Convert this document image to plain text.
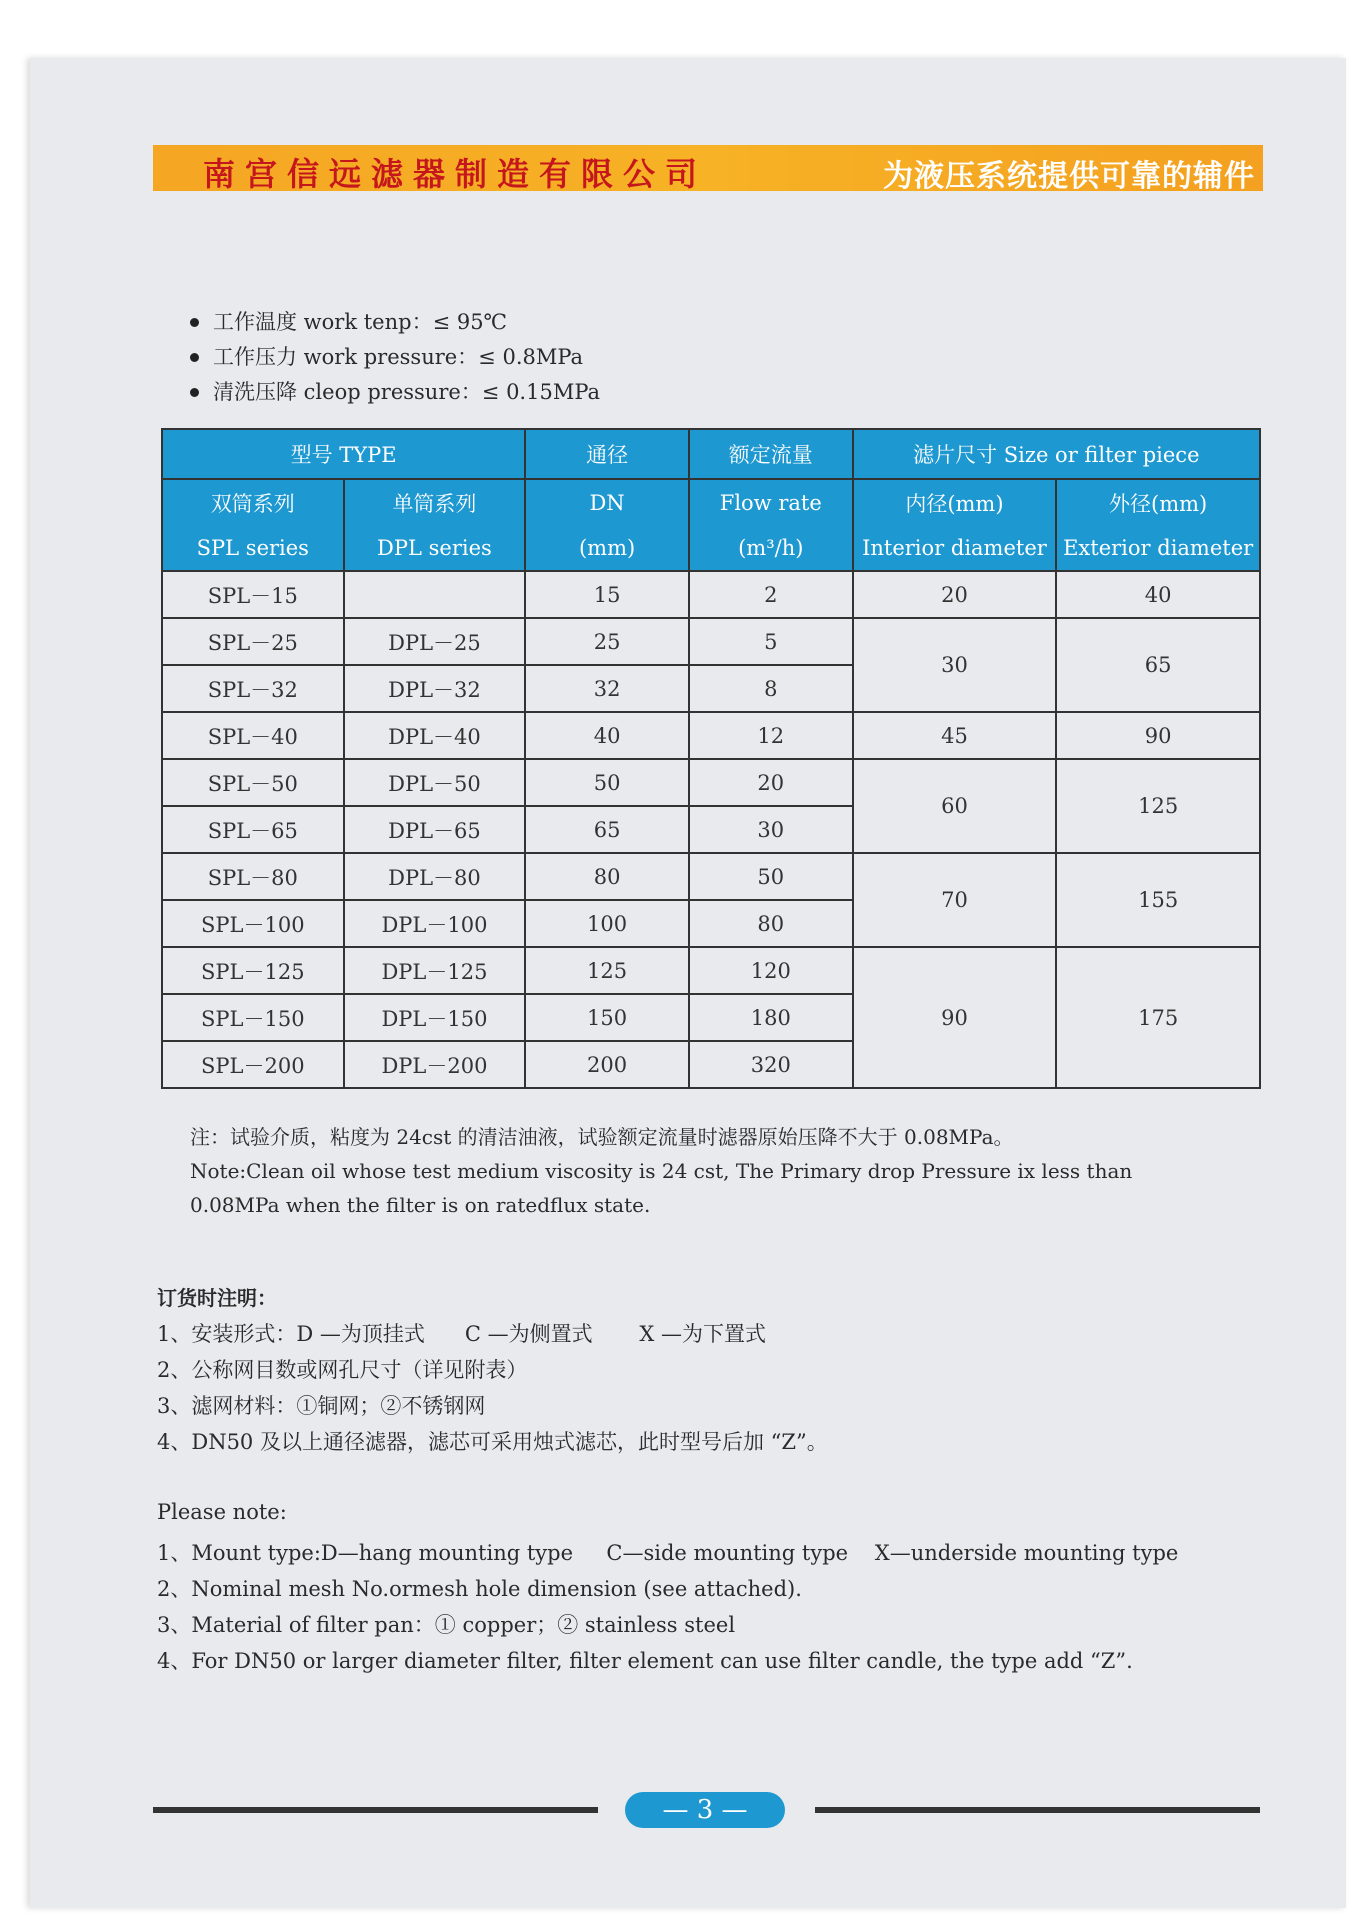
南宫信远滤器制造有限公司	为液压系统提供可靠的辅件
工作温度 work tenp：≤ 95℃
工作压力 work pressure：≤ 0.8MPa
清洗压降 cleop pressure：≤ 0.15MPa
型号 TYPE		通径	额定流量	滤片尺寸 Size or filter piece	
双筒系列	单筒系列	DN	Flow rate	内径(mm)	外径(mm)
SPL series	DPL series	(mm)	(m³/h)	Interior diameter	Exterior diameter
SPL－15		15	2	20	40
SPL－25	DPL－25	25	5	30	65
SPL－32	DPL－32	32	8		
SPL－40	DPL－40	40	12	45	90
SPL－50	DPL－50	50	20	60	125
SPL－65	DPL－65	65	30		
SPL－80	DPL－80	80	50	70	155
SPL－100	DPL－100	100	80		
SPL－125	DPL－125	125	120	90	175
SPL－150	DPL－150	150	180		
SPL－200	DPL－200	200	320		
注：试验介质，粘度为 24cst 的清洁油液，试验额定流量时滤器原始压降不大于 0.08MPa。
Note:Clean oil whose test medium viscosity is 24 cst, The Primary drop Pressure ix less than 0.08MPa when the filter is on ratedflux state.
订货时注明：
1、安装形式：D —为顶挂式      C —为侧置式       X —为下置式
2、公称网目数或网孔尺寸（详见附表）
3、滤网材料：①铜网；②不锈钢网
4、DN50 及以上通径滤器，滤芯可采用烛式滤芯，此时型号后加 “Z”。
Please note:
1、Mount type:D—hang mounting type     C—side mounting type    X—underside mounting type
2、Nominal mesh No.ormesh hole dimension (see attached).
3、Material of filter pan：① copper；② stainless steel
4、For DN50 or larger diameter filter, filter element can use filter candle, the type add “Z”.
— 3 —
